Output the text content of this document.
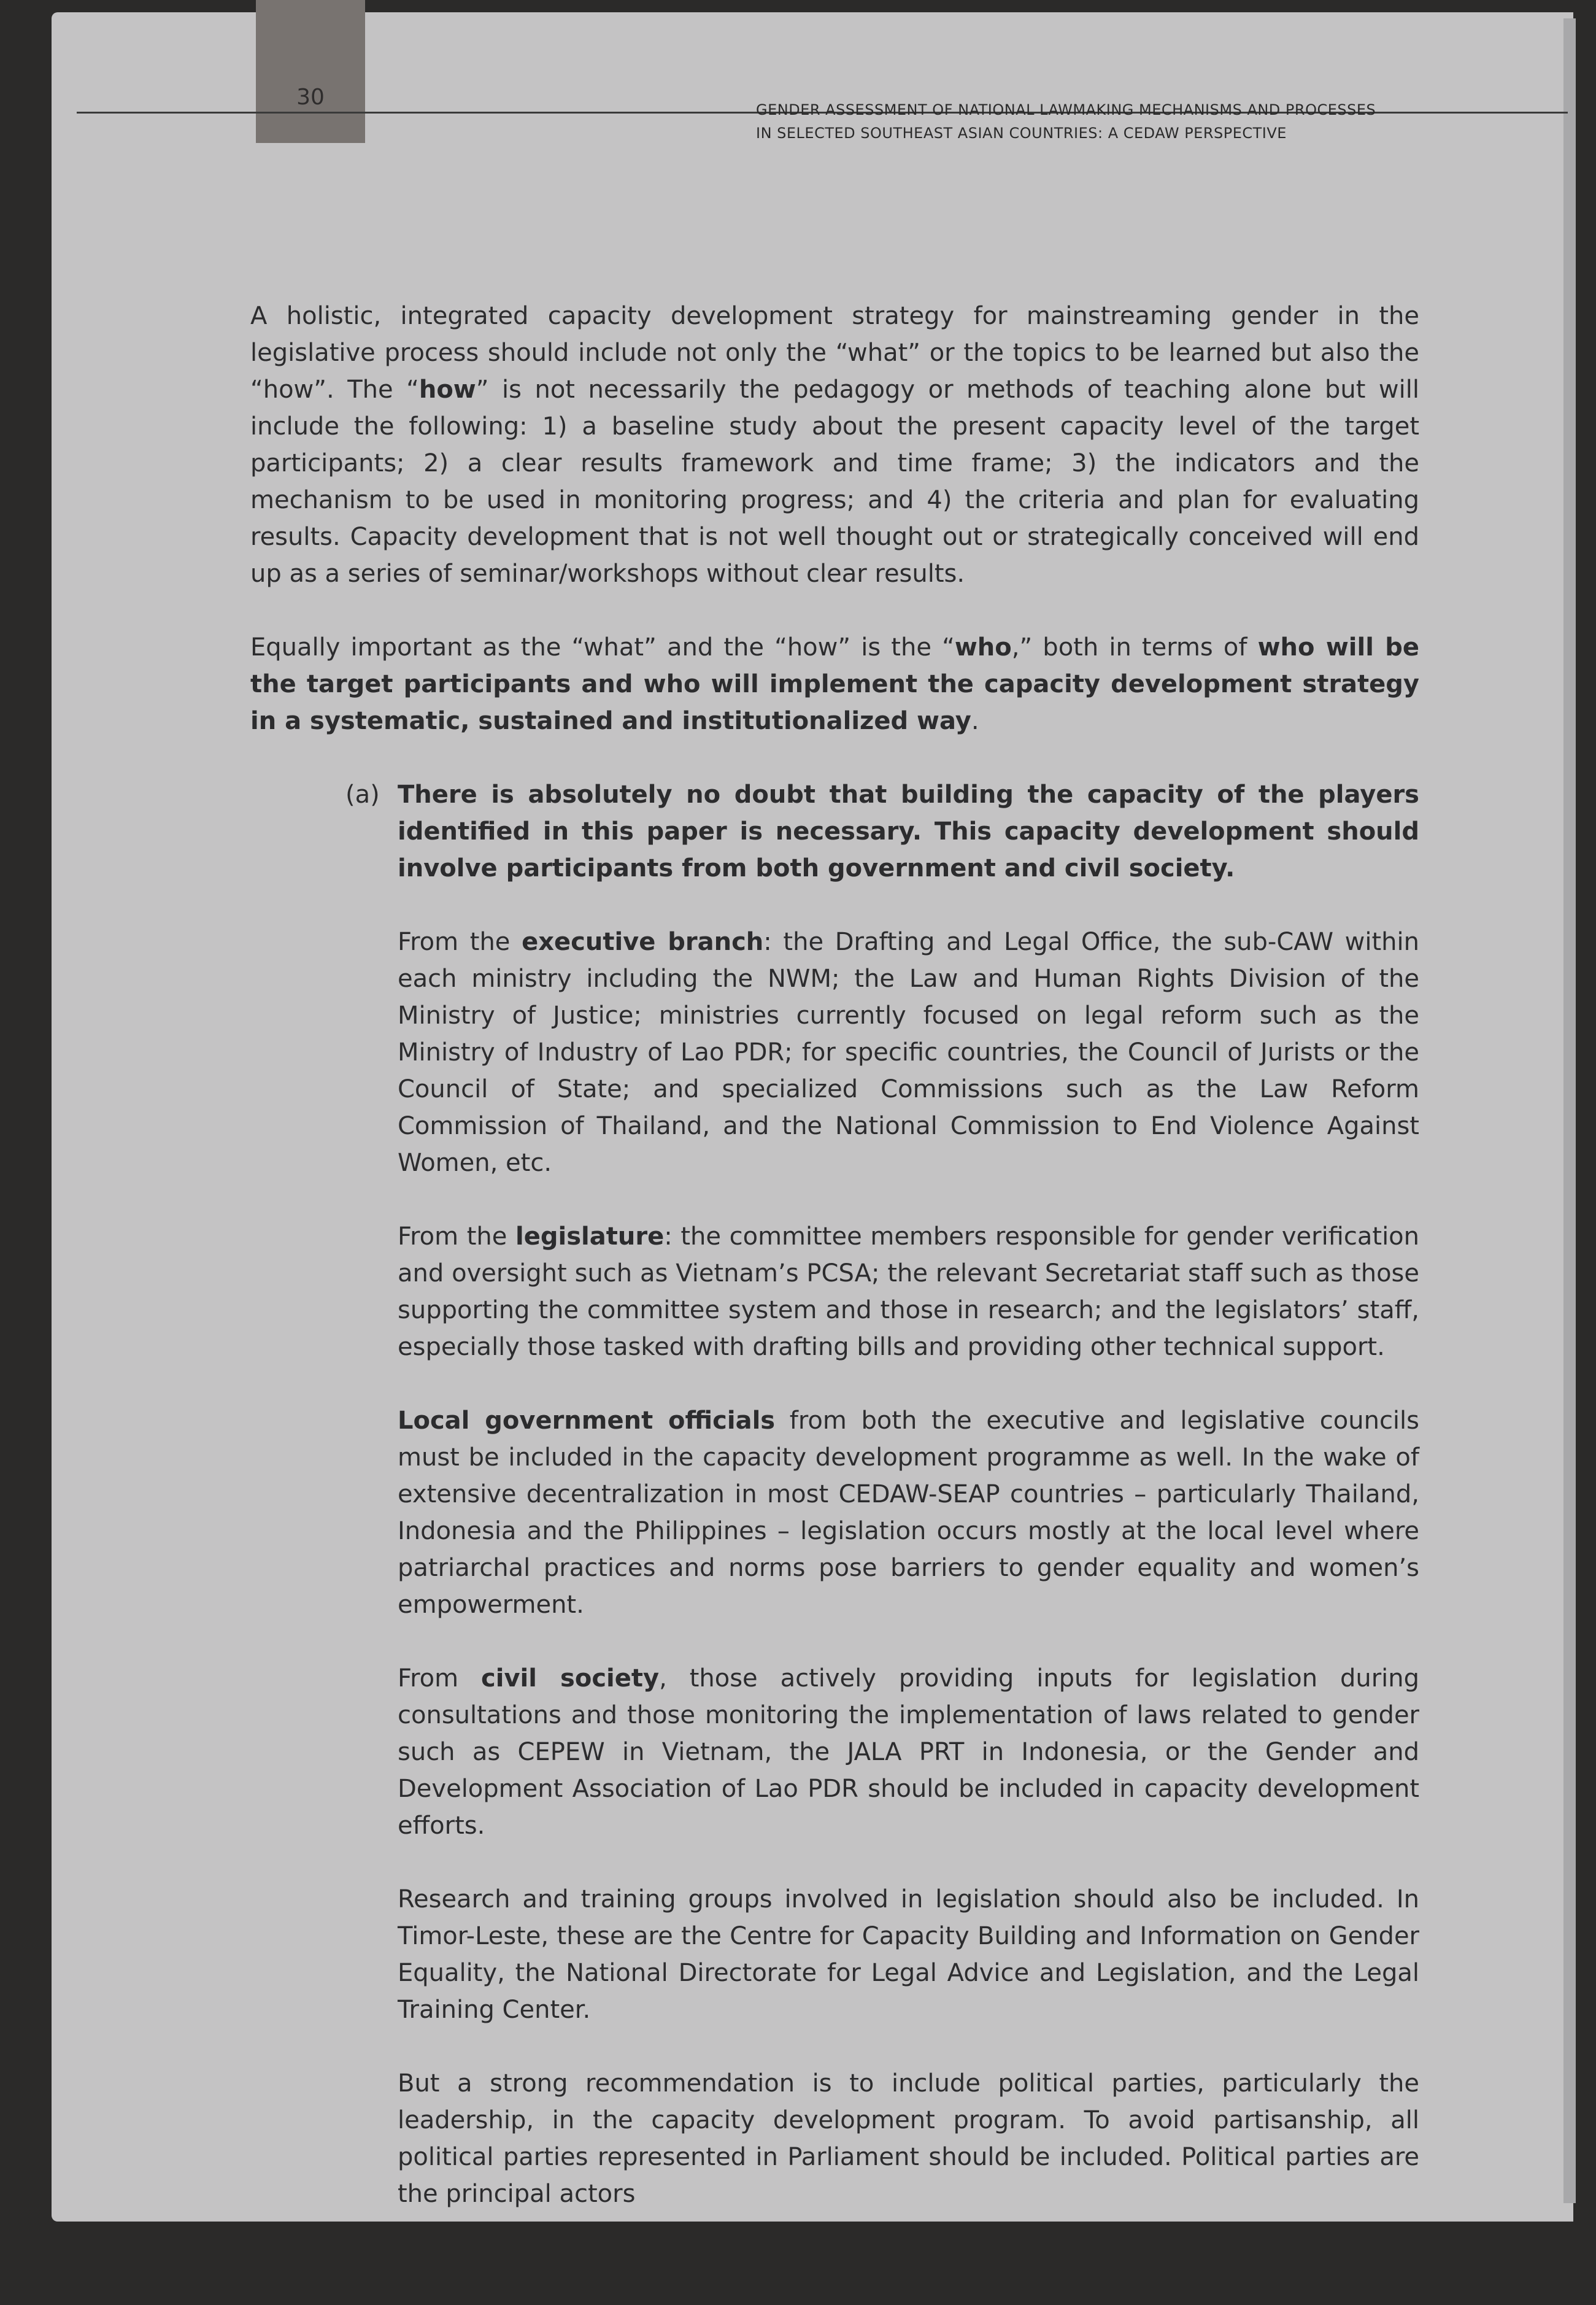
30	GENDER ASSESSMENT OF NATIONAL LAWMAKING MECHANISMS AND PROCESSES
IN SELECTED SOUTHEAST ASIAN COUNTRIES: A CEDAW PERSPECTIVE

A holistic, integrated capacity development strategy for mainstreaming gender in the legislative process should include not only the “what” or the topics to be learned but also the “how”. The “how” is not necessarily the pedagogy or methods of teaching alone but will include the following: 1) a baseline study about the present capacity level of the target participants; 2) a clear results framework and time frame; 3) the indicators and the mechanism to be used in monitoring progress; and 4) the criteria and plan for evaluating results. Capacity development that is not well thought out or strategically conceived will end up as a series of seminar/workshops without clear results.

Equally important as the “what” and the “how” is the “who,” both in terms of who will be the target participants and who will implement the capacity development strategy in a systematic, sustained and institutionalized way.

(a) There is absolutely no doubt that building the capacity of the players identified in this paper is necessary. This capacity development should involve participants from both government and civil society.

From the executive branch: the Drafting and Legal Office, the sub-CAW within each ministry including the NWM; the Law and Human Rights Division of the Ministry of Justice; ministries currently focused on legal reform such as the Ministry of Industry of Lao PDR; for specific countries, the Council of Jurists or the Council of State; and specialized Commissions such as the Law Reform Commission of Thailand, and the National Commission to End Violence Against Women, etc.

From the legislature: the committee members responsible for gender verification and oversight such as Vietnam’s PCSA; the relevant Secretariat staff such as those supporting the committee system and those in research; and the legislators’ staff, especially those tasked with drafting bills and providing other technical support.

Local government officials from both the executive and legislative councils must be included in the capacity development programme as well. In the wake of extensive decentralization in most CEDAW-SEAP countries – particularly Thailand, Indonesia and the Philippines – legislation occurs mostly at the local level where patriarchal practices and norms pose barriers to gender equality and women’s empowerment.

From civil society, those actively providing inputs for legislation during consultations and those monitoring the implementation of laws related to gender such as CEPEW in Vietnam, the JALA PRT in Indonesia, or the Gender and Development Association of Lao PDR should be included in capacity development efforts.

Research and training groups involved in legislation should also be included. In Timor-Leste, these are the Centre for Capacity Building and Information on Gender Equality, the National Directorate for Legal Advice and Legislation, and the Legal Training Center.

But a strong recommendation is to include political parties, particularly the leadership, in the capacity development program. To avoid partisanship, all political parties represented in Parliament should be included. Political parties are the principal actors
